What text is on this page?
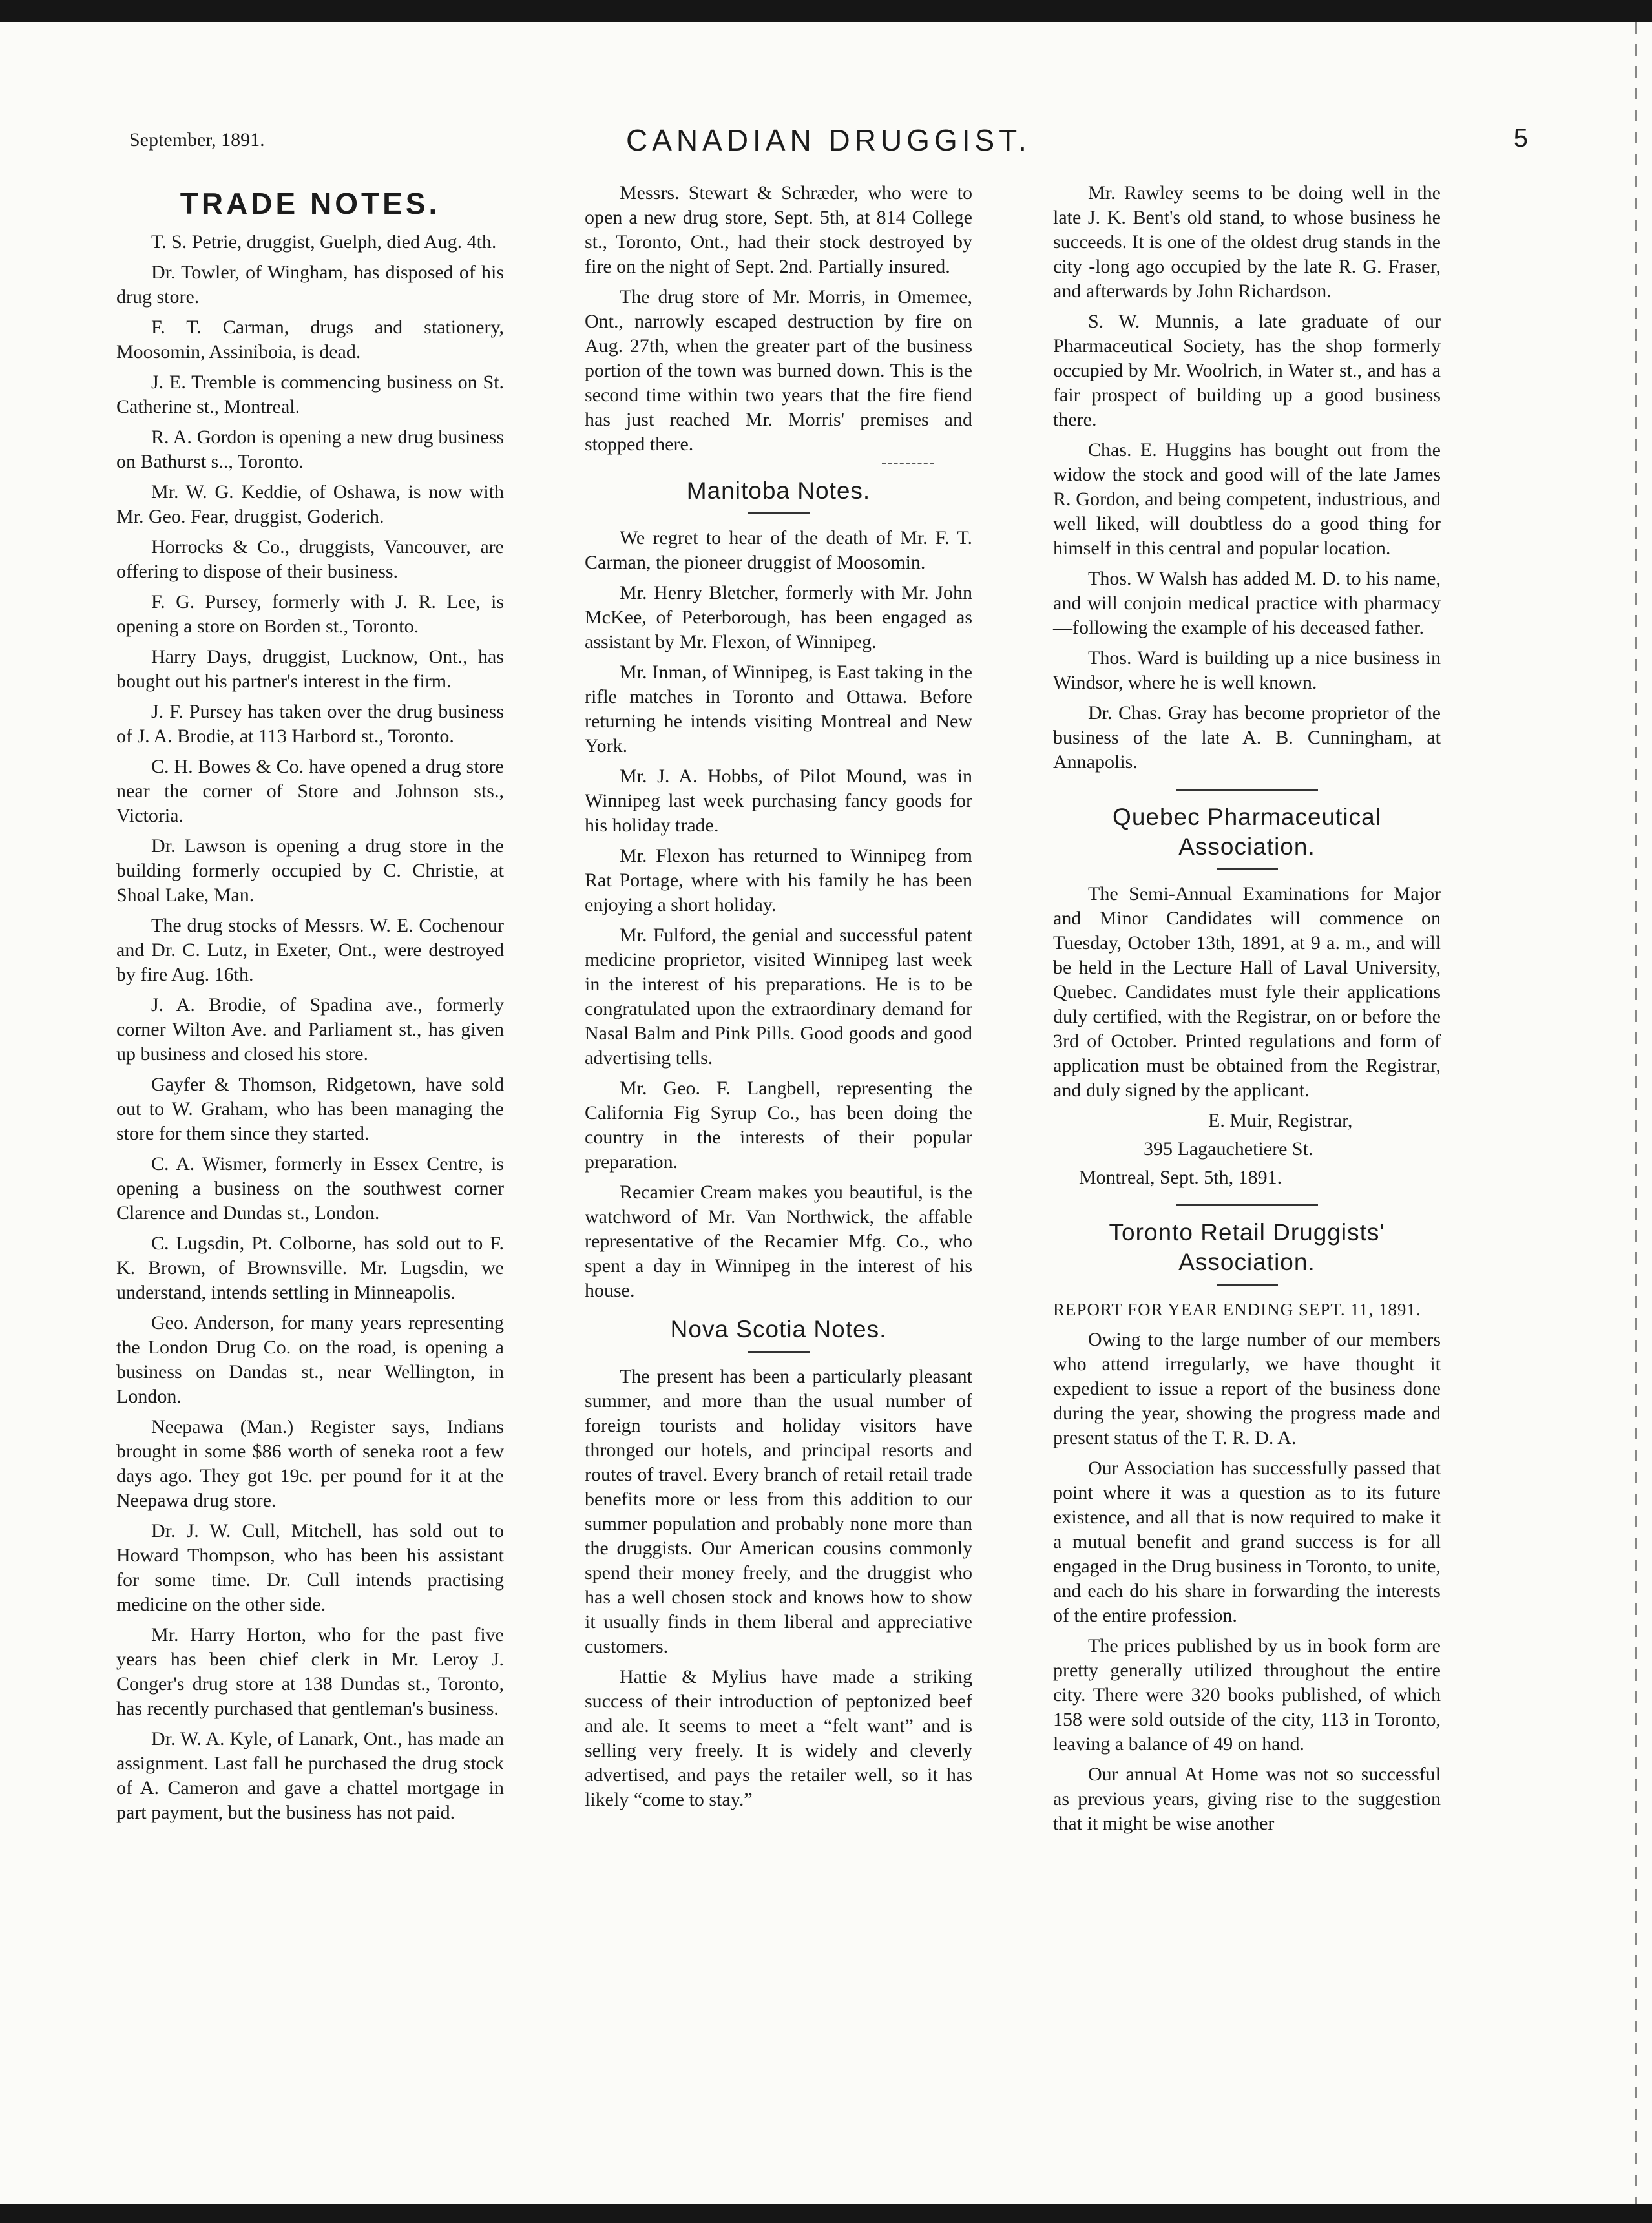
September, 1891.	CANADIAN DRUGGIST.	5
TRADE NOTES.

T. S. Petrie, druggist, Guelph, died Aug. 4th.

Dr. Towler, of Wingham, has disposed of his drug store.

F. T. Carman, drugs and stationery, Moosomin, Assiniboia, is dead.

J. E. Tremble is commencing business on St. Catherine st., Montreal.

R. A. Gordon is opening a new drug business on Bathurst s.., Toronto.

Mr. W. G. Keddie, of Oshawa, is now with Mr. Geo. Fear, druggist, Goderich.

Horrocks & Co., druggists, Vancouver, are offering to dispose of their business.

F. G. Pursey, formerly with J. R. Lee, is opening a store on Borden st., Toronto.

Harry Days, druggist, Lucknow, Ont., has bought out his partner's interest in the firm.

J. F. Pursey has taken over the drug business of J. A. Brodie, at 113 Harbord st., Toronto.

C. H. Bowes & Co. have opened a drug store near the corner of Store and Johnson sts., Victoria.

Dr. Lawson is opening a drug store in the building formerly occupied by C. Christie, at Shoal Lake, Man.

The drug stocks of Messrs. W. E. Cochenour and Dr. C. Lutz, in Exeter, Ont., were destroyed by fire Aug. 16th.

J. A. Brodie, of Spadina ave., formerly corner Wilton Ave. and Parliament st., has given up business and closed his store.

Gayfer & Thomson, Ridgetown, have sold out to W. Graham, who has been managing the store for them since they started.

C. A. Wismer, formerly in Essex Centre, is opening a business on the southwest corner Clarence and Dundas st., London.

C. Lugsdin, Pt. Colborne, has sold out to F. K. Brown, of Brownsville. Mr. Lugsdin, we understand, intends settling in Minneapolis.

Geo. Anderson, for many years representing the London Drug Co. on the road, is opening a business on Dandas st., near Wellington, in London.

Neepawa (Man.) Register says, Indians brought in some $86 worth of seneka root a few days ago. They got 19c. per pound for it at the Neepawa drug store.

Dr. J. W. Cull, Mitchell, has sold out to Howard Thompson, who has been his assistant for some time. Dr. Cull intends practising medicine on the other side.

Mr. Harry Horton, who for the past five years has been chief clerk in Mr. Leroy J. Conger's drug store at 138 Dundas st., Toronto, has recently purchased that gentleman's business.

Dr. W. A. Kyle, of Lanark, Ont., has made an assignment. Last fall he purchased the drug stock of A. Cameron and gave a chattel mortgage in part payment, but the business has not paid.

Messrs. Stewart & Schræder, who were to open a new drug store, Sept. 5th, at 814 College st., Toronto, Ont., had their stock destroyed by fire on the night of Sept. 2nd. Partially insured.

The drug store of Mr. Morris, in Omemee, Ont., narrowly escaped destruction by fire on Aug. 27th, when the greater part of the business portion of the town was burned down. This is the second time within two years that the fire fiend has just reached Mr. Morris' premises and stopped there.

Manitoba Notes.

We regret to hear of the death of Mr. F. T. Carman, the pioneer druggist of Moosomin.

Mr. Henry Bletcher, formerly with Mr. John McKee, of Peterborough, has been engaged as assistant by Mr. Flexon, of Winnipeg.

Mr. Inman, of Winnipeg, is East taking in the rifle matches in Toronto and Ottawa. Before returning he intends visiting Montreal and New York.

Mr. J. A. Hobbs, of Pilot Mound, was in Winnipeg last week purchasing fancy goods for his holiday trade.

Mr. Flexon has returned to Winnipeg from Rat Portage, where with his family he has been enjoying a short holiday.

Mr. Fulford, the genial and successful patent medicine proprietor, visited Winnipeg last week in the interest of his preparations. He is to be congratulated upon the extraordinary demand for Nasal Balm and Pink Pills. Good goods and good advertising tells.

Mr. Geo. F. Langbell, representing the California Fig Syrup Co., has been doing the country in the interests of their popular preparation.

Recamier Cream makes you beautiful, is the watchword of Mr. Van Northwick, the affable representative of the Recamier Mfg. Co., who spent a day in Winnipeg in the interest of his house.

Nova Scotia Notes.

The present has been a particularly pleasant summer, and more than the usual number of foreign tourists and holiday visitors have thronged our hotels, and principal resorts and routes of travel. Every branch of retail retail trade benefits more or less from this addition to our summer population and probably none more than the druggists. Our American cousins commonly spend their money freely, and the druggist who has a well chosen stock and knows how to show it usually finds in them liberal and appreciative customers.

Hattie & Mylius have made a striking success of their introduction of peptonized beef and ale. It seems to meet a “felt want” and is selling very freely. It is widely and cleverly advertised, and pays the retailer well, so it has likely “come to stay.”

Mr. Rawley seems to be doing well in the late J. K. Bent's old stand, to whose business he succeeds. It is one of the oldest drug stands in the city -long ago occupied by the late R. G. Fraser, and afterwards by John Richardson.

S. W. Munnis, a late graduate of our Pharmaceutical Society, has the shop formerly occupied by Mr. Woolrich, in Water st., and has a fair prospect of building up a good business there.

Chas. E. Huggins has bought out from the widow the stock and good will of the late James R. Gordon, and being competent, industrious, and well liked, will doubtless do a good thing for himself in this central and popular location.

Thos. W Walsh has added M. D. to his name, and will conjoin medical practice with pharmacy—following the example of his deceased father.

Thos. Ward is building up a nice business in Windsor, where he is well known.

Dr. Chas. Gray has become proprietor of the business of the late A. B. Cunningham, at Annapolis.

Quebec Pharmaceutical Association.

The Semi-Annual Examinations for Major and Minor Candidates will commence on Tuesday, October 13th, 1891, at 9 a. m., and will be held in the Lecture Hall of Laval University, Quebec. Candidates must fyle their applications duly certified, with the Registrar, on or before the 3rd of October. Printed regulations and form of application must be obtained from the Registrar, and duly signed by the applicant.

E. Muir, Registrar,

395 Lagauchetiere St.

Montreal, Sept. 5th, 1891.

Toronto Retail Druggists' Association.

REPORT FOR YEAR ENDING SEPT. 11, 1891.

Owing to the large number of our members who attend irregularly, we have thought it expedient to issue a report of the business done during the year, showing the progress made and present status of the T. R. D. A.

Our Association has successfully passed that point where it was a question as to its future existence, and all that is now required to make it a mutual benefit and grand success is for all engaged in the Drug business in Toronto, to unite, and each do his share in forwarding the interests of the entire profession.

The prices published by us in book form are pretty generally utilized throughout the entire city. There were 320 books published, of which 158 were sold outside of the city, 113 in Toronto, leaving a balance of 49 on hand.

Our annual At Home was not so successful as previous years, giving rise to the suggestion that it might be wise another
